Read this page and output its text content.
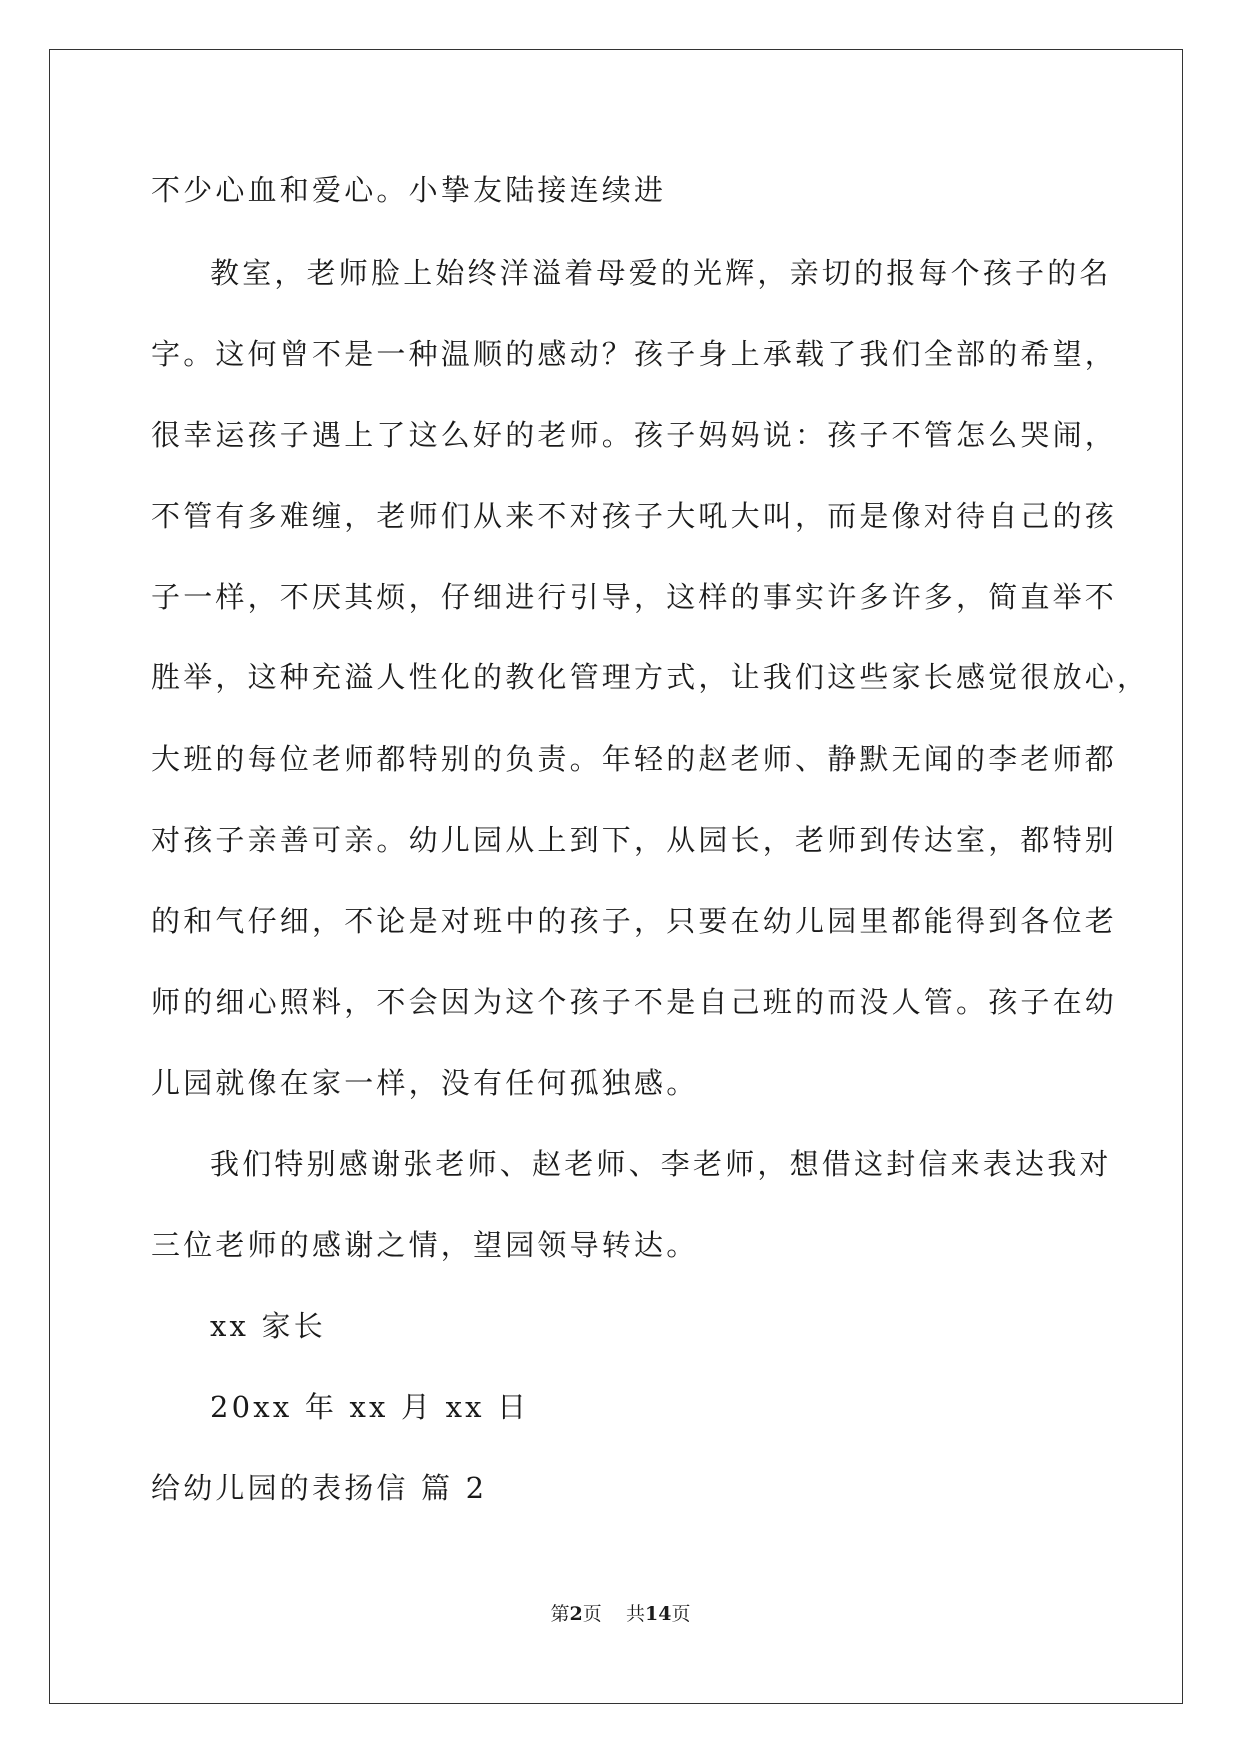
不少心血和爱心。小挚友陆接连续进
教室，老师脸上始终洋溢着母爱的光辉，亲切的报每个孩子的名
字。这何曾不是一种温顺的感动？孩子身上承载了我们全部的希望，
很幸运孩子遇上了这么好的老师。孩子妈妈说：孩子不管怎么哭闹，
不管有多难缠，老师们从来不对孩子大吼大叫，而是像对待自己的孩
子一样，不厌其烦，仔细进行引导，这样的事实许多许多，简直举不
胜举，这种充溢人性化的教化管理方式，让我们这些家长感觉很放心，
大班的每位老师都特别的负责。年轻的赵老师、静默无闻的李老师都
对孩子亲善可亲。幼儿园从上到下，从园长，老师到传达室，都特别
的和气仔细，不论是对班中的孩子，只要在幼儿园里都能得到各位老
师的细心照料，不会因为这个孩子不是自己班的而没人管。孩子在幼
儿园就像在家一样，没有任何孤独感。
我们特别感谢张老师、赵老师、李老师，想借这封信来表达我对
三位老师的感谢之情，望园领导转达。
xx 家长
20xx 年 xx 月 xx 日
给幼儿园的表扬信 篇 2
第2页 共14页
